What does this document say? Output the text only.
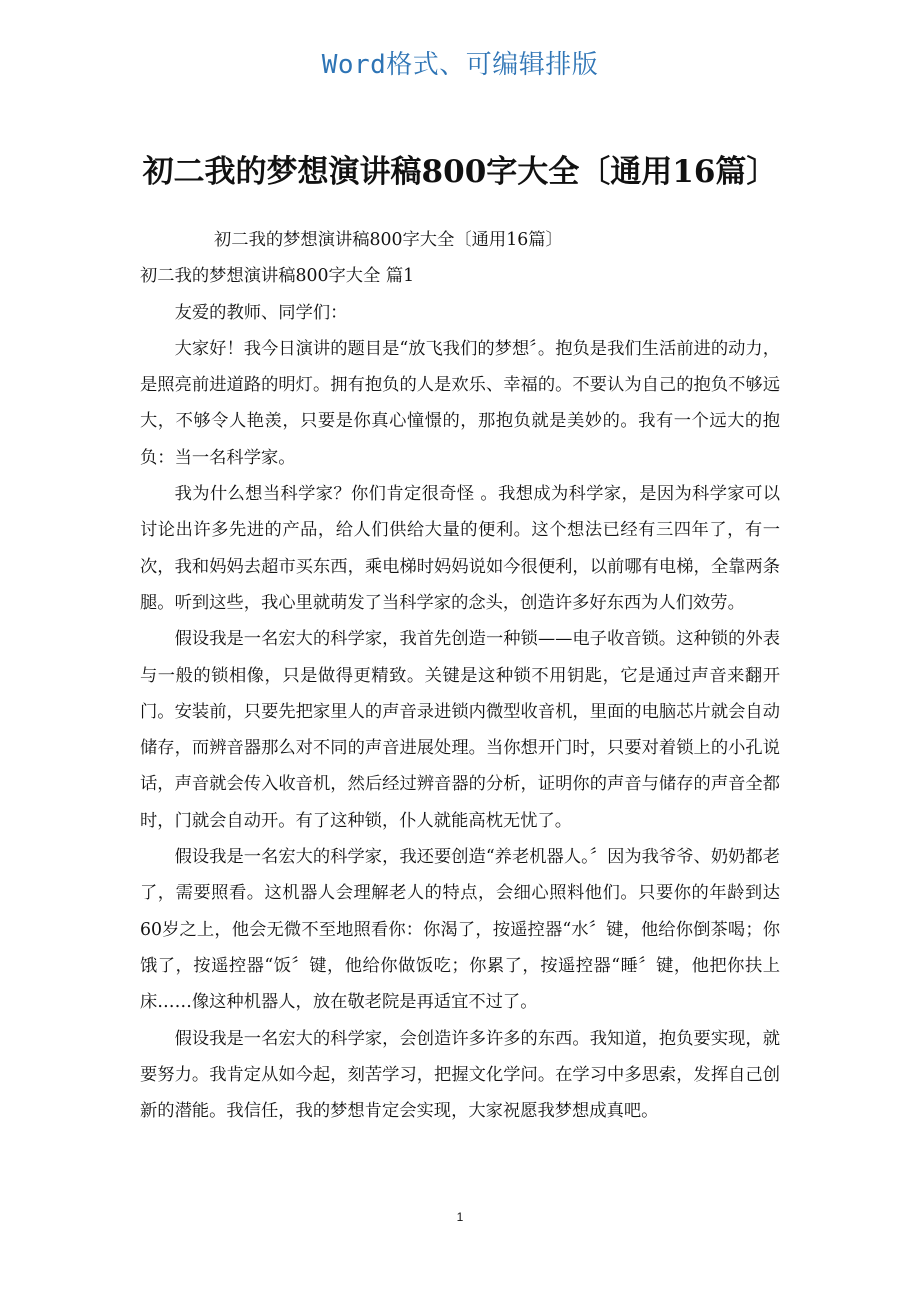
Word格式、可编辑排版
初二我的梦想演讲稿800字大全〔通用16篇〕

初二我的梦想演讲稿800字大全〔通用16篇〕

初二我的梦想演讲稿800字大全 篇1

友爱的教师、同学们：

大家好！我今日演讲的题目是“放飞我们的梦想〞。抱负是我们生活前进的动力，是照亮前进道路的明灯。拥有抱负的人是欢乐、幸福的。不要认为自己的抱负不够远大，不够令人艳羡，只要是你真心憧憬的，那抱负就是美妙的。我有一个远大的抱负：当一名科学家。

我为什么想当科学家？你们肯定很奇怪 。我想成为科学家，是因为科学家可以讨论出许多先进的产品，给人们供给大量的便利。这个想法已经有三四年了，有一次，我和妈妈去超市买东西，乘电梯时妈妈说如今很便利，以前哪有电梯，全靠两条腿。听到这些，我心里就萌发了当科学家的念头，创造许多好东西为人们效劳。

假设我是一名宏大的科学家，我首先创造一种锁——电子收音锁。这种锁的外表与一般的锁相像，只是做得更精致。关键是这种锁不用钥匙，它是通过声音来翻开门。安装前，只要先把家里人的声音录进锁内微型收音机，里面的电脑芯片就会自动储存，而辨音器那么对不同的声音进展处理。当你想开门时，只要对着锁上的小孔说话，声音就会传入收音机，然后经过辨音器的分析，证明你的声音与储存的声音全都时，门就会自动开。有了这种锁，仆人就能高枕无忧了。

假设我是一名宏大的科学家，我还要创造“养老机器人。〞因为我爷爷、奶奶都老了，需要照看。这机器人会理解老人的特点，会细心照料他们。只要你的年龄到达60岁之上，他会无微不至地照看你：你渴了，按遥控器“水〞键，他给你倒茶喝；你饿了，按遥控器“饭〞键，他给你做饭吃；你累了，按遥控器“睡〞键，他把你扶上床……像这种机器人，放在敬老院是再适宜不过了。

假设我是一名宏大的科学家，会创造许多许多的东西。我知道，抱负要实现，就要努力。我肯定从如今起，刻苦学习，把握文化学问。在学习中多思索，发挥自己创新的潜能。我信任，我的梦想肯定会实现，大家祝愿我梦想成真吧。

1
